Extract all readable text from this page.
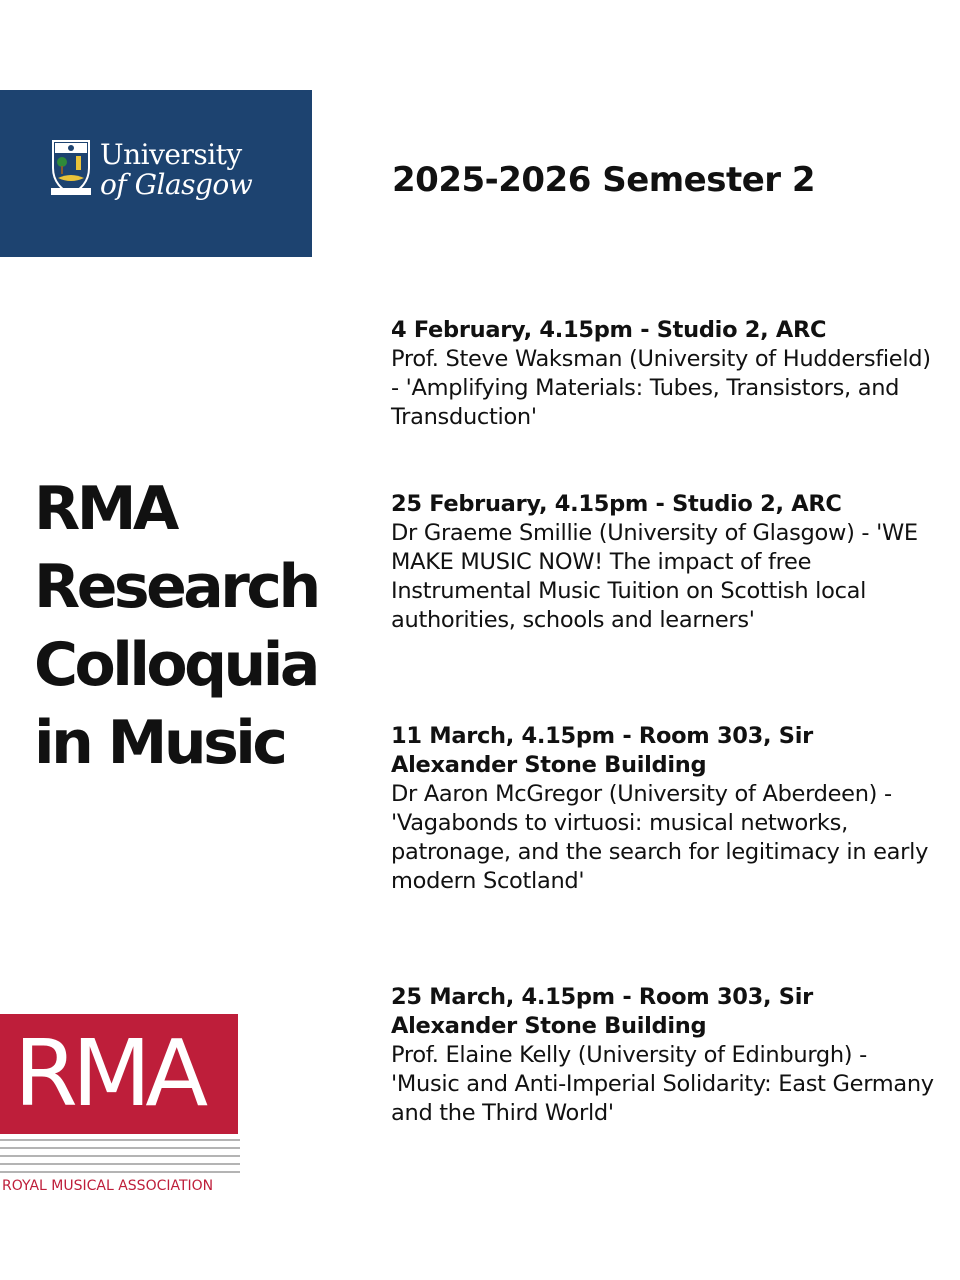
University
of Glasgow	2025-2026 Semester 2
RMA
Research
Colloquia
in Music
4 February, 4.15pm - Studio 2, ARC
Prof. Steve Waksman (University of Huddersfield) - 'Amplifying Materials: Tubes, Transistors, and Transduction'
25 February, 4.15pm - Studio 2, ARC
Dr Graeme Smillie (University of Glasgow) - 'WE MAKE MUSIC NOW! The impact of free Instrumental Music Tuition on Scottish local authorities, schools and learners'
11 March, 4.15pm - Room 303, Sir Alexander Stone Building
Dr Aaron McGregor (University of Aberdeen) - 'Vagabonds to virtuosi: musical networks, patronage, and the search for legitimacy in early modern Scotland'
25 March, 4.15pm - Room 303, Sir Alexander Stone Building
Prof. Elaine Kelly (University of Edinburgh) - 'Music and Anti-Imperial Solidarity: East Germany and the Third World'
RMA
ROYAL MUSICAL ASSOCIATION
